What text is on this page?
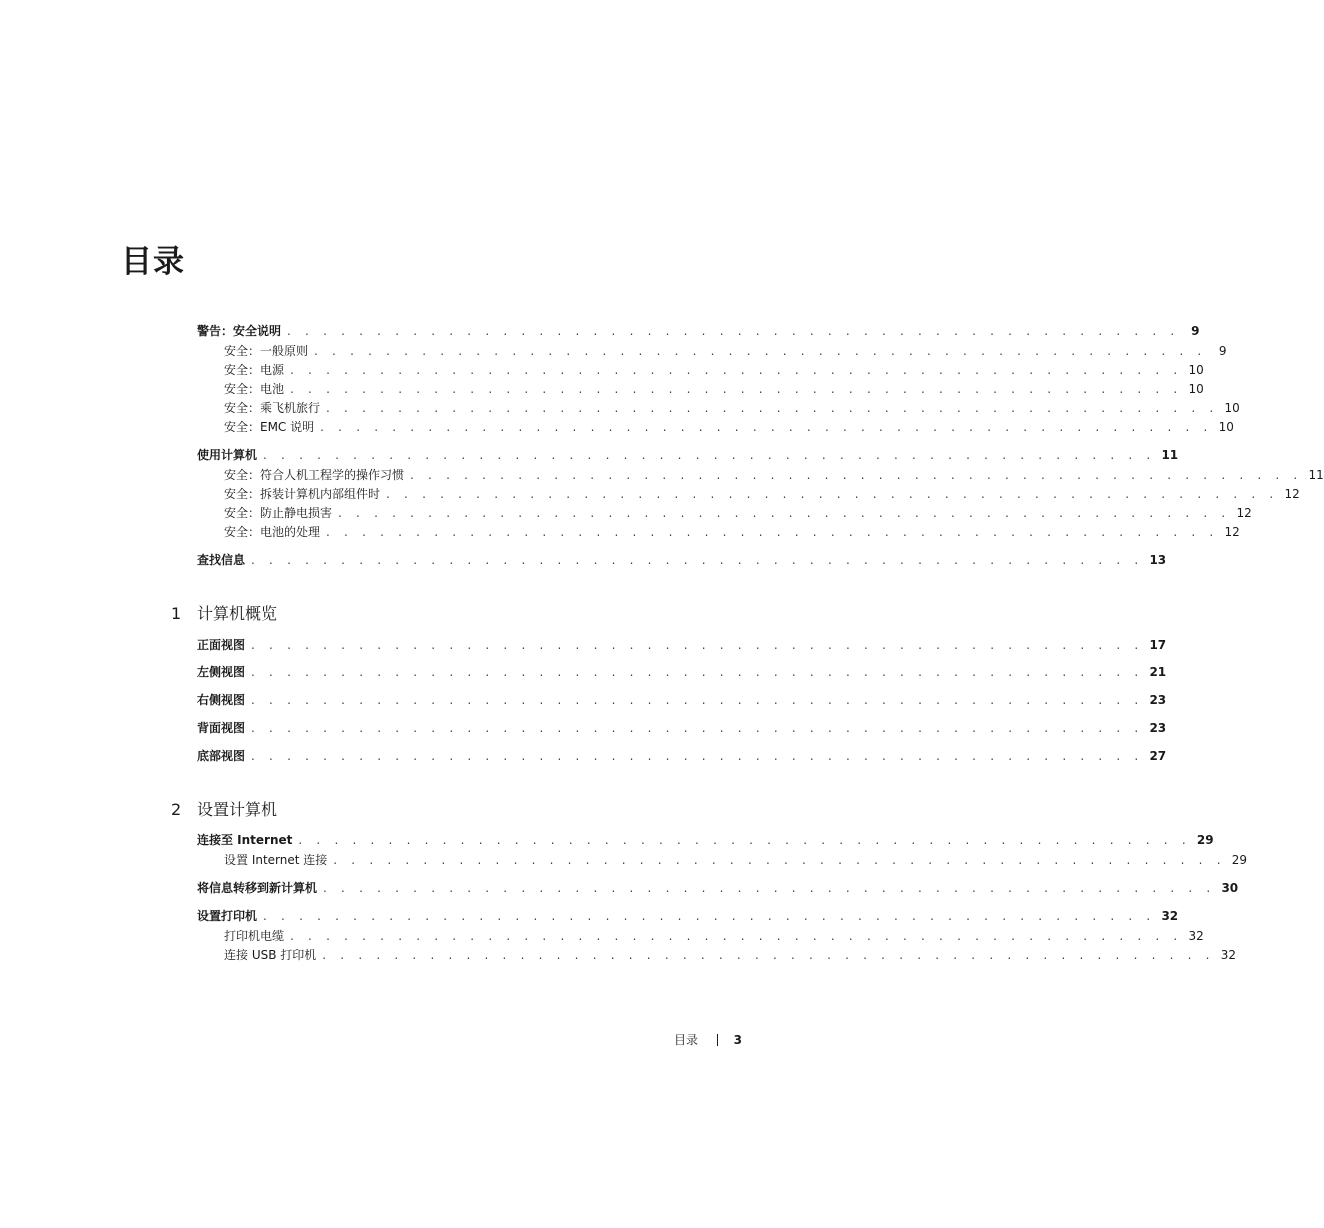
目录
警告：安全说明 . . . . . . . . . . . . . . . . . . . . . . . . . . . . . . . . . . . . . . . . . . . . . . . . . . 9
安全：一般原则 . . . . . . . . . . . . . . . . . . . . . . . . . . . . . . . . . . . . . . . . . . . . . . . . . .	9
安全：电源 . . . . . . . . . . . . . . . . . . . . . . . . . . . . . . . . . . . . . . . . . . . . . . . . . . 10
安全：电池 . . . . . . . . . . . . . . . . . . . . . . . . . . . . . . . . . . . . . . . . . . . . . . . . . . 10
安全：乘飞机旅行 . . . . . . . . . . . . . . . . . . . . . . . . . . . . . . . . . . . . . . . . . . . . . . . . . . 10
安全：EMC 说明 . . . . . . . . . . . . . . . . . . . . . . . . . . . . . . . . . . . . . . . . . . . . . . . . . . 10
使用计算机 . . . . . . . . . . . . . . . . . . . . . . . . . . . . . . . . . . . . . . . . . . . . . . . . . . 11
安全：符合人机工程学的操作习惯 . . . . . . . . . . . . . . . . . . . . . . . . . . . . . . . . . . . . . . . . . . . . . . . . . . 11
安全：拆装计算机内部组件时 . . . . . . . . . . . . . . . . . . . . . . . . . . . . . . . . . . . . . . . . . . . . . . . . . . 12
安全：防止静电损害 . . . . . . . . . . . . . . . . . . . . . . . . . . . . . . . . . . . . . . . . . . . . . . . . . . 12
安全：电池的处理 . . . . . . . . . . . . . . . . . . . . . . . . . . . . . . . . . . . . . . . . . . . . . . . . . . 12
查找信息 . . . . . . . . . . . . . . . . . . . . . . . . . . . . . . . . . . . . . . . . . . . . . . . . . . 13
1 计算机概览
正面视图 . . . . . . . . . . . . . . . . . . . . . . . . . . . . . . . . . . . . . . . . . . . . . . . . . . 17
左侧视图 . . . . . . . . . . . . . . . . . . . . . . . . . . . . . . . . . . . . . . . . . . . . . . . . . . 21
右侧视图 . . . . . . . . . . . . . . . . . . . . . . . . . . . . . . . . . . . . . . . . . . . . . . . . . . 23
背面视图 . . . . . . . . . . . . . . . . . . . . . . . . . . . . . . . . . . . . . . . . . . . . . . . . . . 23
底部视图 . . . . . . . . . . . . . . . . . . . . . . . . . . . . . . . . . . . . . . . . . . . . . . . . . . 27
2 设置计算机
连接至 Internet . . . . . . . . . . . . . . . . . . . . . . . . . . . . . . . . . . . . . . . . . . . . . . . . . . 29
设置 Internet 连接 . . . . . . . . . . . . . . . . . . . . . . . . . . . . . . . . . . . . . . . . . . . . . . . . . . 29
将信息转移到新计算机 . . . . . . . . . . . . . . . . . . . . . . . . . . . . . . . . . . . . . . . . . . . . . . . . . . 30
设置打印机 . . . . . . . . . . . . . . . . . . . . . . . . . . . . . . . . . . . . . . . . . . . . . . . . . . 32
打印机电缆 . . . . . . . . . . . . . . . . . . . . . . . . . . . . . . . . . . . . . . . . . . . . . . . . . . 32
连接 USB 打印机 . . . . . . . . . . . . . . . . . . . . . . . . . . . . . . . . . . . . . . . . . . . . . . . . . . 32
目录	3
